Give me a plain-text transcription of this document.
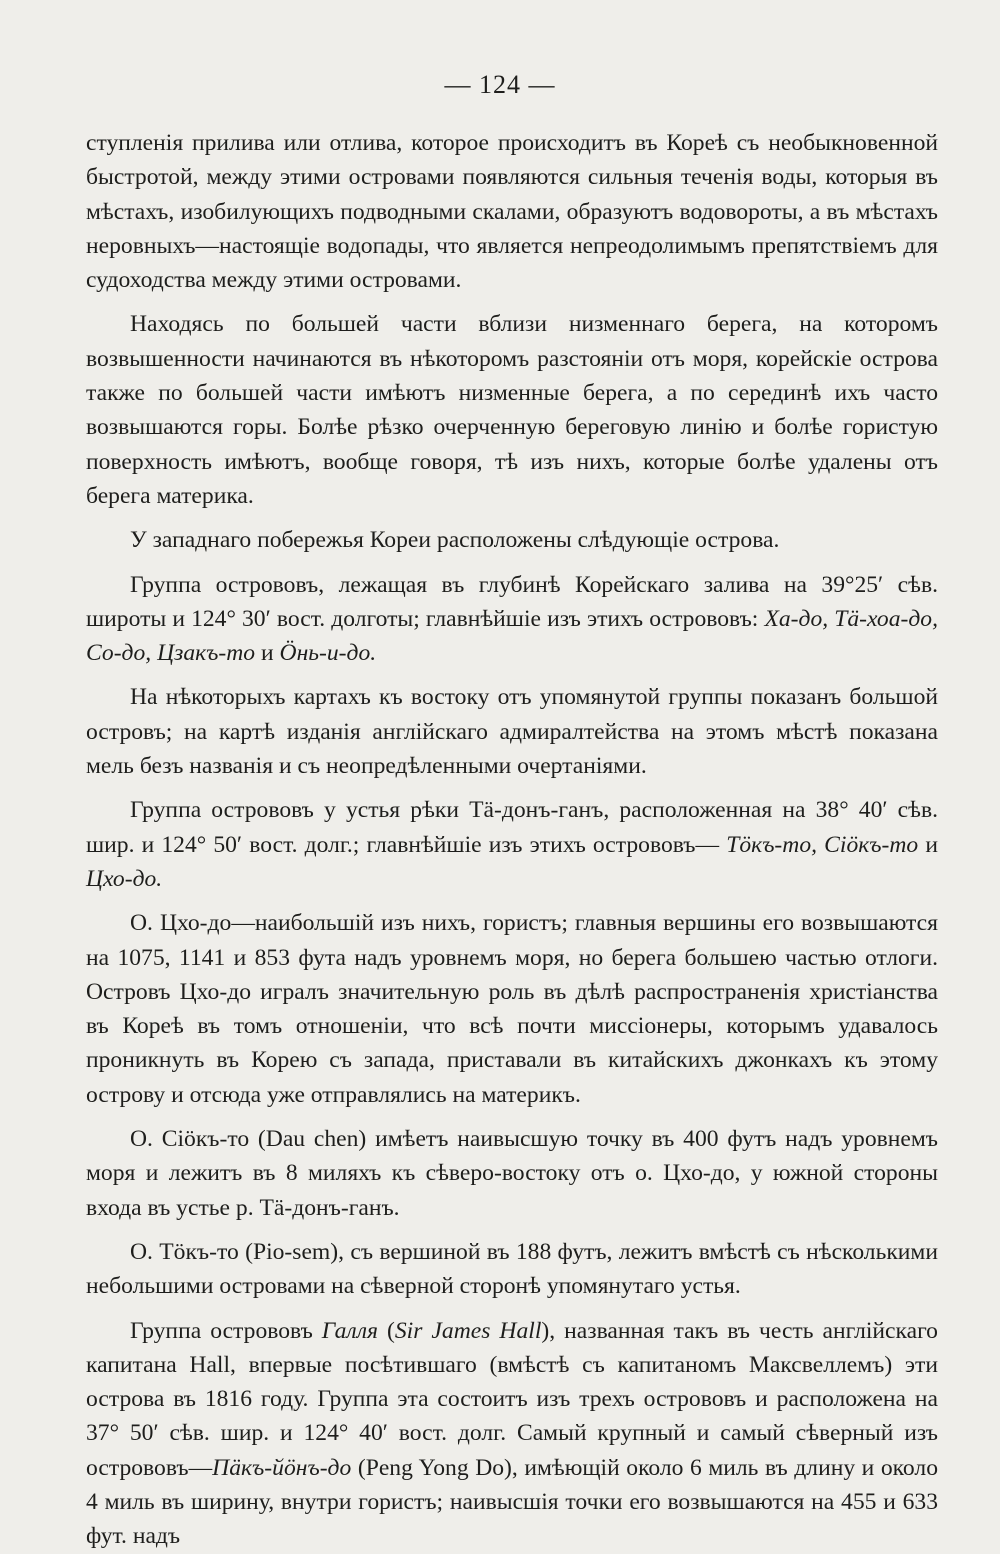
— 124 —

ступленія прилива или отлива, которое происходитъ въ Кореѣ съ необыкновенной быстротой, между этими островами появляются сильныя теченія воды, которыя въ мѣстахъ, изобилующихъ подводными скалами, образуютъ водовороты, а въ мѣстахъ неровныхъ—настоящіе водопады, что является непреодолимымъ препятствіемъ для судоходства между этими островами.

Находясь по большей части вблизи низменнаго берега, на которомъ возвышенности начинаются въ нѣкоторомъ разстояніи отъ моря, корейскіе острова также по большей части имѣютъ низменные берега, а по серединѣ ихъ часто возвышаются горы. Болѣе рѣзко очерченную береговую линію и болѣе гористую поверхность имѣютъ, вообще говоря, тѣ изъ нихъ, которые болѣе удалены отъ берега материка.

У западнаго побережья Кореи расположены слѣдующіе острова.

Группа острововъ, лежащая въ глубинѣ Корейскаго залива на 39°25′ сѣв. широты и 124° 30′ вост. долготы; главнѣйшіе изъ этихъ острововъ: Ха-до, Тӓ-хоа-до, Со-до, Цзакъ-то и Öнь-и-до.

На нѣкоторыхъ картахъ къ востоку отъ упомянутой группы показанъ большой островъ; на картѣ изданія англійскаго адмиралтейства на этомъ мѣстѣ показана мель безъ названія и съ неопредѣленными очертаніями.

Группа острововъ у устья рѣки Тӓ-донъ-ганъ, расположенная на 38° 40′ сѣв. шир. и 124° 50′ вост. долг.; главнѣйшіе изъ этихъ острововъ— Тöкъ-то, Сіöкъ-то и Цхо-до.

О. Цхо-до—наибольшій изъ нихъ, гористъ; главныя вершины его возвышаются на 1075, 1141 и 853 фута надъ уровнемъ моря, но берега большею частью отлоги. Островъ Цхо-до игралъ значительную роль въ дѣлѣ распространенія христіанства въ Кореѣ въ томъ отношеніи, что всѣ почти миссіонеры, которымъ удавалось проникнуть въ Корею съ запада, приставали въ китайскихъ джонкахъ къ этому острову и отсюда уже отправлялись на материкъ.

О. Сіöкъ-то (Dau chen) имѣетъ наивысшую точку въ 400 футъ надъ уровнемъ моря и лежитъ въ 8 миляхъ къ сѣверо-востоку отъ о. Цхо-до, у южной стороны входа въ устье р. Тӓ-донъ-ганъ.

О. Тöкъ-то (Pio-sem), съ вершиной въ 188 футъ, лежитъ вмѣстѣ съ нѣсколькими небольшими островами на сѣверной сторонѣ упомянутаго устья.

Группа острововъ Галля (Sir James Hall), названная такъ въ честь англійскаго капитана Hall, впервые посѣтившаго (вмѣстѣ съ капитаномъ Максвеллемъ) эти острова въ 1816 году. Группа эта состоитъ изъ трехъ острововъ и расположена на 37° 50′ сѣв. шир. и 124° 40′ вост. долг. Самый крупный и самый сѣверный изъ острововъ—Пӓкъ-йöнъ-до (Peng Yong Do), имѣющій около 6 миль въ длину и около 4 миль въ ширину, внутри гористъ; наивысшія точки его возвышаются на 455 и 633 фут. надъ
